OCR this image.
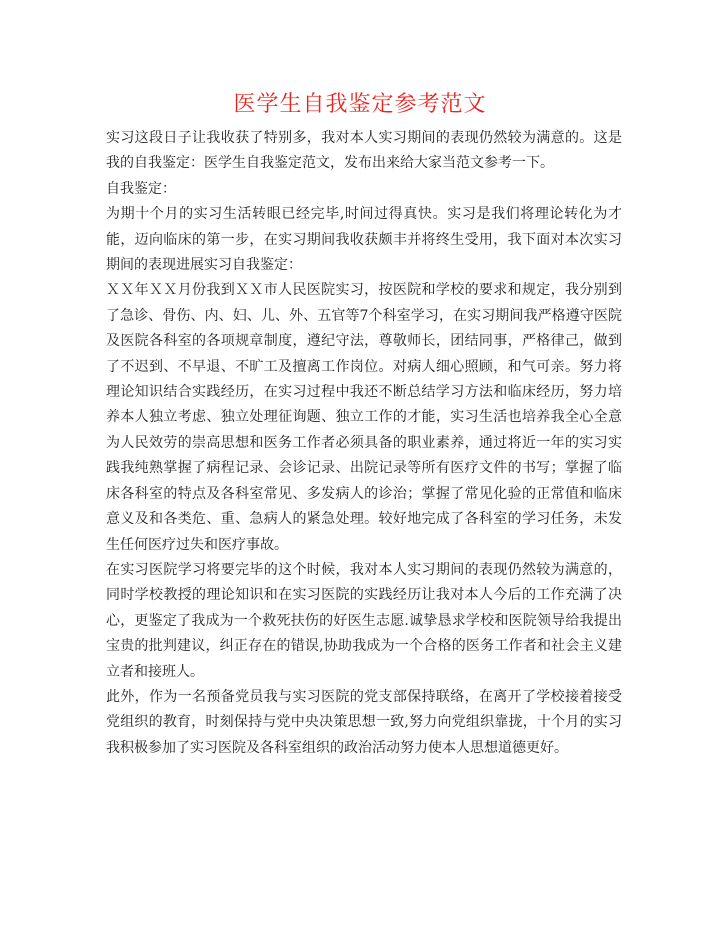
医学生自我鉴定参考范文

实习这段日子让我收获了特别多，我对本人实习期间的表现仍然较为满意的。这是我的自我鉴定：医学生自我鉴定范文，发布出来给大家当范文参考一下。

自我鉴定：

为期十个月的实习生活转眼已经完毕,时间过得真快。实习是我们将理论转化为才能，迈向临床的第一步，在实习期间我收获颇丰并将终生受用，我下面对本次实习期间的表现进展实习自我鉴定：

ＸＸ年ＸＸ月份我到ＸＸ市人民医院实习，按医院和学校的要求和规定，我分别到了急诊、骨伤、内、妇、儿、外、五官等7个科室学习，在实习期间我严格遵守医院及医院各科室的各项规章制度，遵纪守法，尊敬师长，团结同事，严格律己，做到了不迟到、不早退、不旷工及擅离工作岗位。对病人细心照顾，和气可亲。努力将理论知识结合实践经历，在实习过程中我还不断总结学习方法和临床经历，努力培养本人独立考虑、独立处理征询题、独立工作的才能，实习生活也培养我全心全意为人民效劳的崇高思想和医务工作者必须具备的职业素养，通过将近一年的实习实践我纯熟掌握了病程记录、会诊记录、出院记录等所有医疗文件的书写；掌握了临床各科室的特点及各科室常见、多发病人的诊治；掌握了常见化验的正常值和临床意义及和各类危、重、急病人的紧急处理。较好地完成了各科室的学习任务，未发生任何医疗过失和医疗事故。

在实习医院学习将要完毕的这个时候，我对本人实习期间的表现仍然较为满意的，同时学校教授的理论知识和在实习医院的实践经历让我对本人今后的工作充满了决心，更鉴定了我成为一个救死扶伤的好医生志愿.诚挚恳求学校和医院领导给我提出宝贵的批判建议，纠正存在的错误,协助我成为一个合格的医务工作者和社会主义建立者和接班人。

此外，作为一名预备党员我与实习医院的党支部保持联络，在离开了学校接着接受党组织的教育，时刻保持与党中央决策思想一致,努力向党组织靠拢，十个月的实习我积极参加了实习医院及各科室组织的政治活动努力使本人思想道德更好。
